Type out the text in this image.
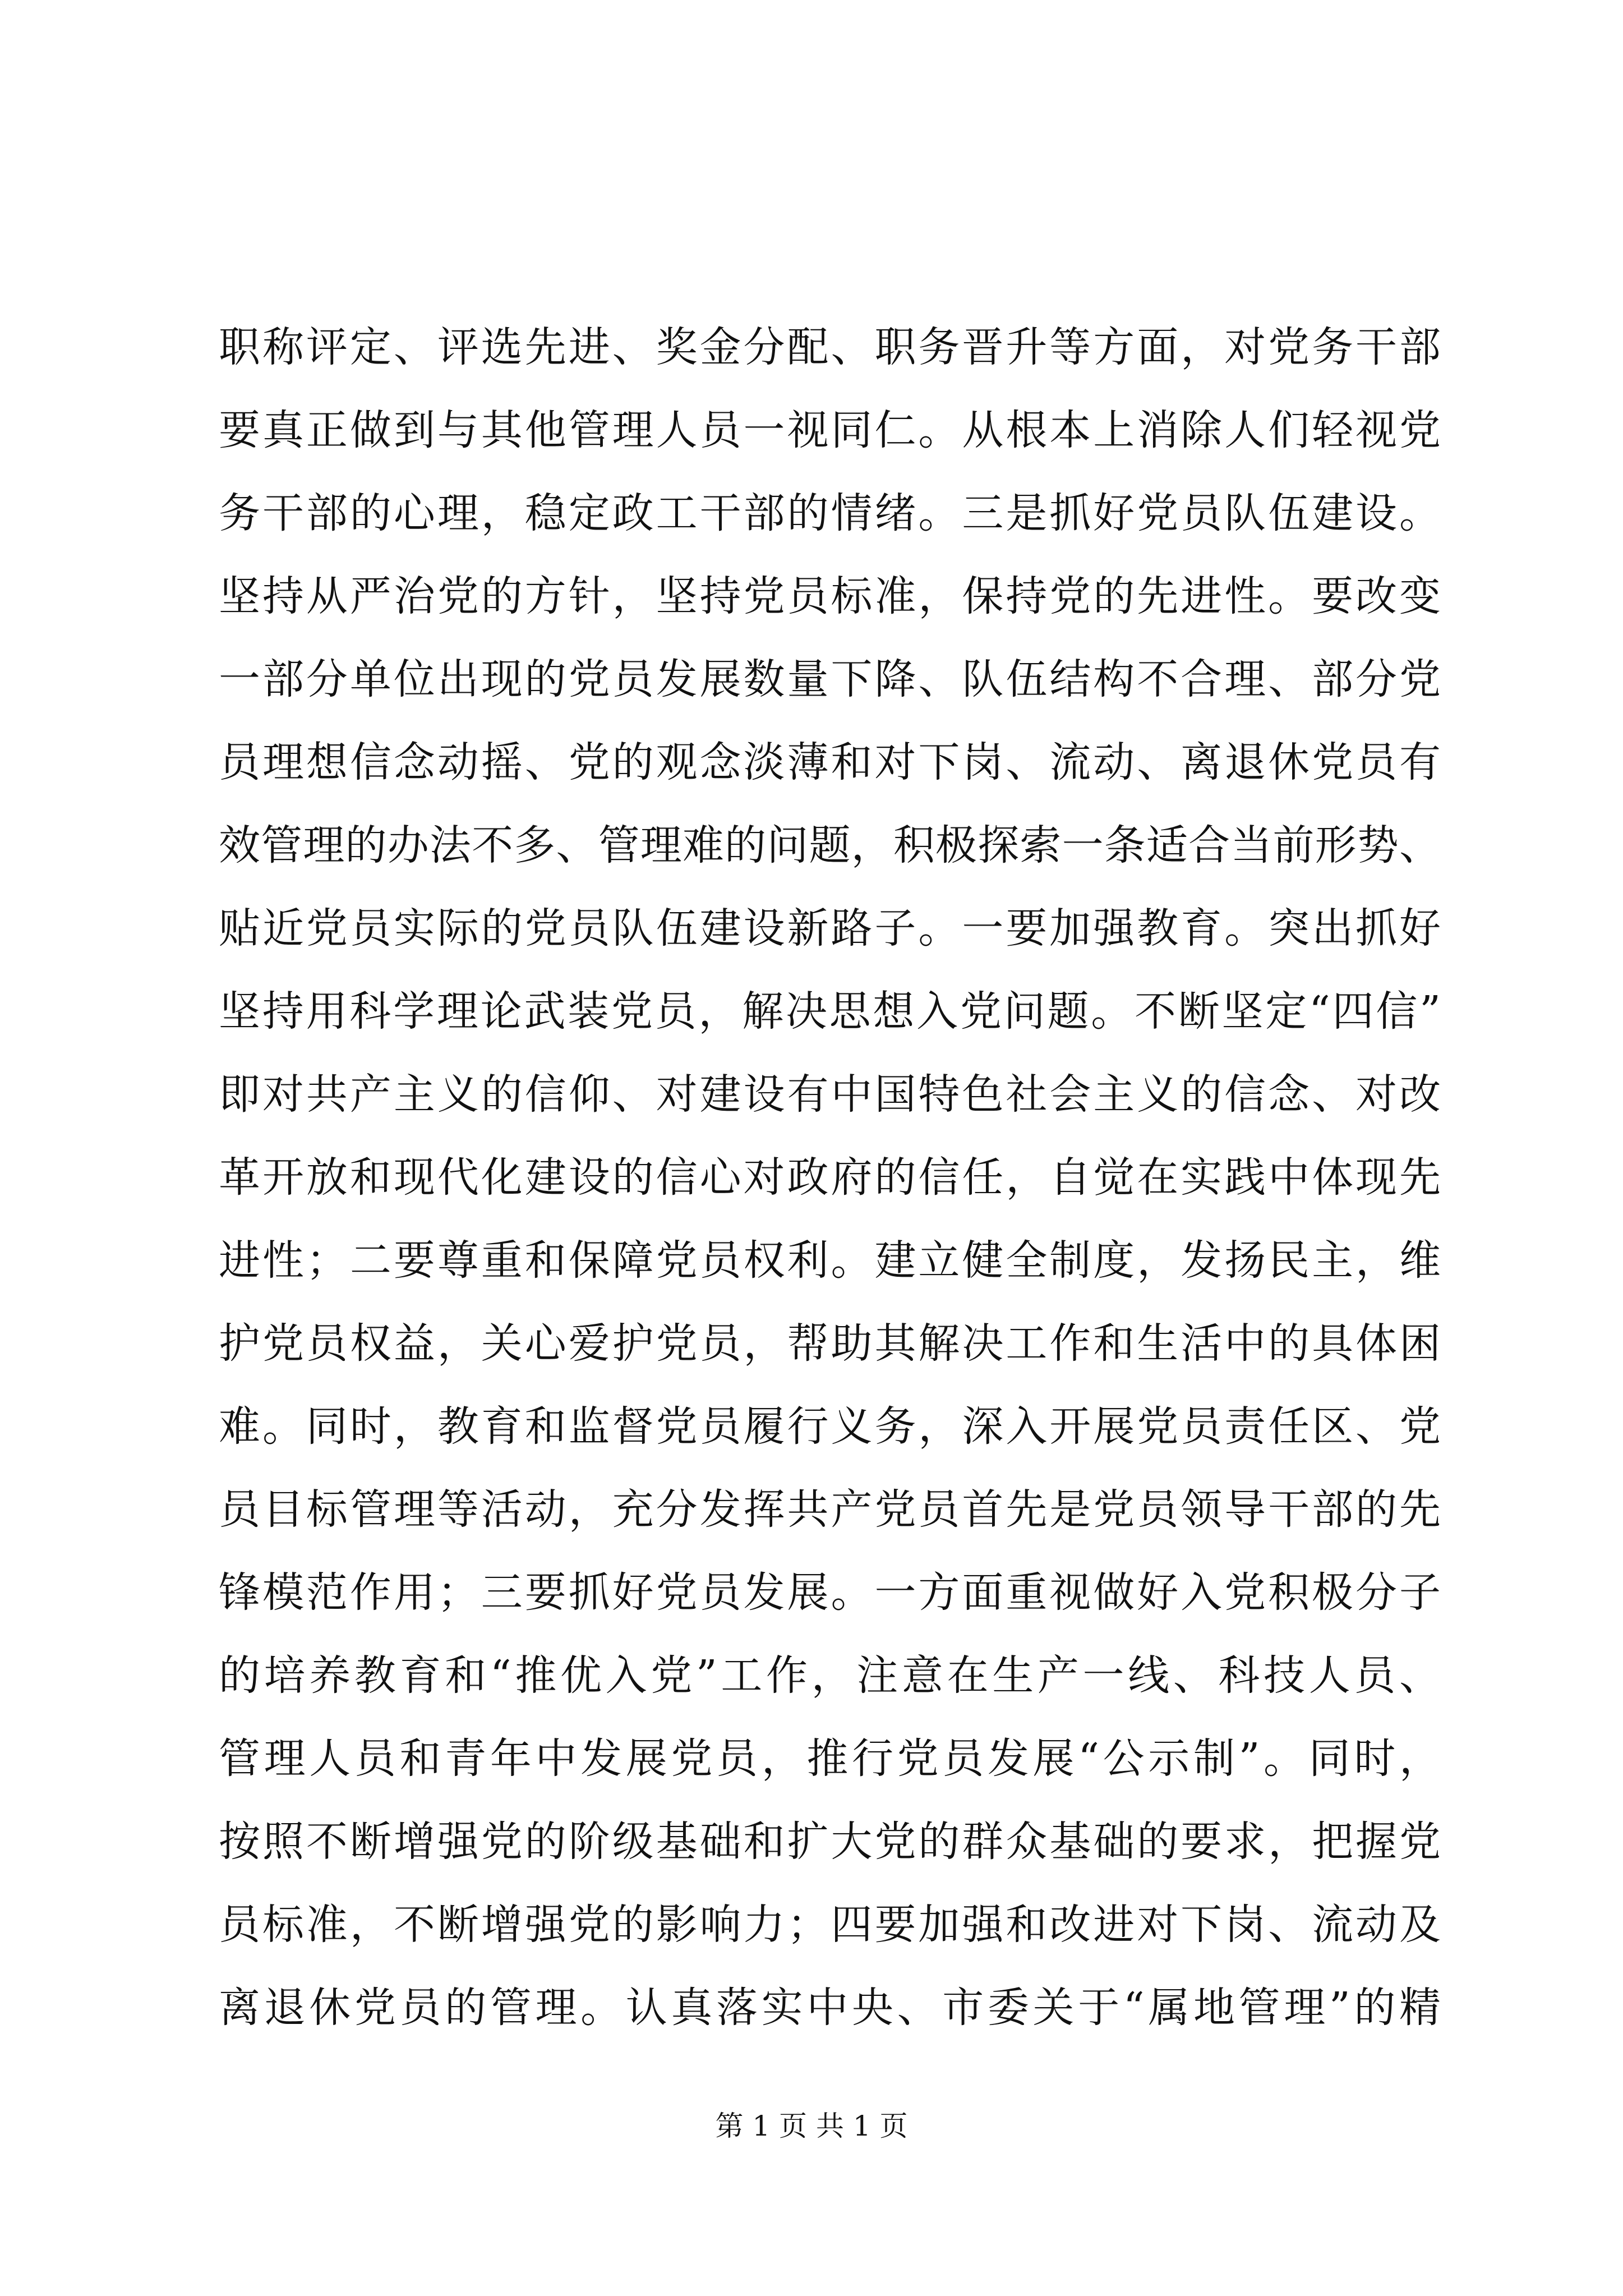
职称评定、评选先进、奖金分配、职务晋升等方面，对党务干部
要真正做到与其他管理人员一视同仁。从根本上消除人们轻视党
务干部的心理，稳定政工干部的情绪。三是抓好党员队伍建设。
坚持从严治党的方针，坚持党员标准，保持党的先进性。要改变
一部分单位出现的党员发展数量下降、队伍结构不合理、部分党
员理想信念动摇、党的观念淡薄和对下岗、流动、离退休党员有
效管理的办法不多、管理难的问题，积极探索一条适合当前形势、
贴近党员实际的党员队伍建设新路子。一要加强教育。突出抓好
坚持用科学理论武装党员，解决思想入党问题。不断坚定“四信”
即对共产主义的信仰、对建设有中国特色社会主义的信念、对改
革开放和现代化建设的信心对政府的信任，自觉在实践中体现先
进性；二要尊重和保障党员权利。建立健全制度，发扬民主，维
护党员权益，关心爱护党员，帮助其解决工作和生活中的具体困
难。同时，教育和监督党员履行义务，深入开展党员责任区、党
员目标管理等活动，充分发挥共产党员首先是党员领导干部的先
锋模范作用；三要抓好党员发展。一方面重视做好入党积极分子
的培养教育和“推优入党”工作，注意在生产一线、科技人员、
管理人员和青年中发展党员，推行党员发展“公示制”。同时，
按照不断增强党的阶级基础和扩大党的群众基础的要求，把握党
员标准，不断增强党的影响力；四要加强和改进对下岗、流动及
离退休党员的管理。认真落实中央、市委关于“属地管理”的精
第 1 页 共 1 页
